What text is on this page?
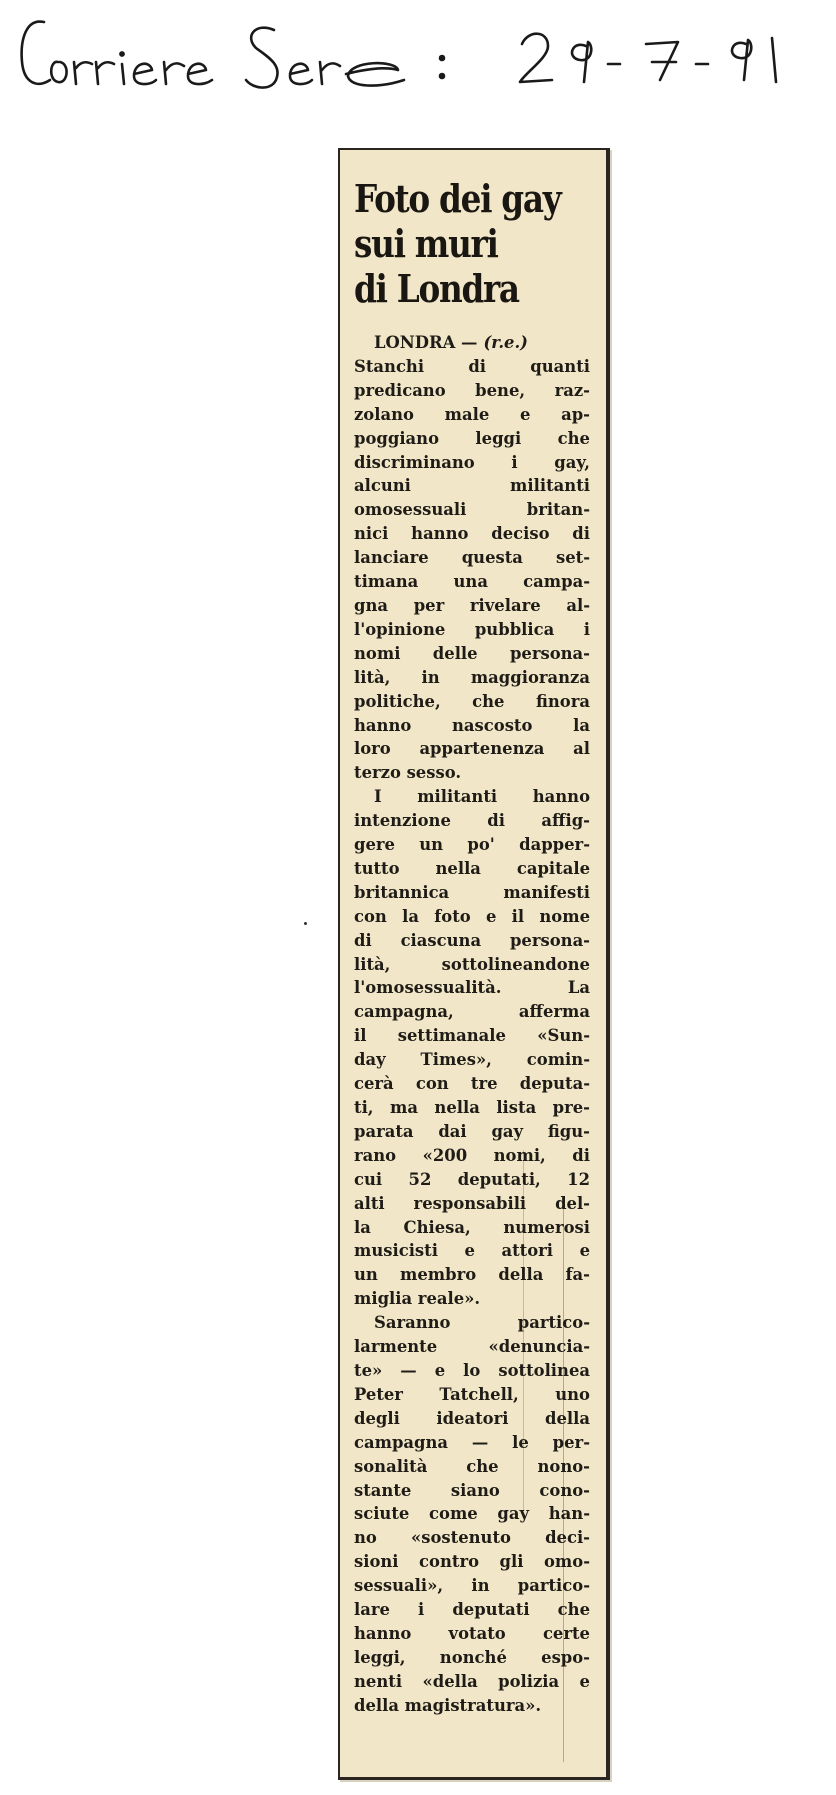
Corriere Sera:	29-7-91
Foto dei gay
sui muri
di Londra

LONDRA — (r.e.)

Stanchi di quanti
predicano bene, raz-
zolano male e ap-
poggiano leggi che
discriminano i gay,
alcuni militanti
omosessuali britan-
nici hanno deciso di
lanciare questa set-
timana una campa-
gna per rivelare al-
l'opinione pubblica i
nomi delle persona-
lità, in maggioranza
politiche, che finora
hanno nascosto la
loro appartenenza al
terzo sesso.

I militanti hanno
intenzione di affig-
gere un po' dapper-
tutto nella capitale
britannica manifesti
con la foto e il nome
di ciascuna persona-
lità, sottolineandone
l'omosessualità. La
campagna, afferma
il settimanale «Sun-
day Times», comin-
cerà con tre deputa-
ti, ma nella lista pre-
parata dai gay figu-
rano «200 nomi, di
cui 52 deputati, 12
alti responsabili del-
la Chiesa, numerosi
musicisti e attori e
un membro della fa-
miglia reale».

Saranno partico-
larmente «denuncia-
te» — e lo sottolinea
Peter Tatchell, uno
degli ideatori della
campagna — le per-
sonalità che nono-
stante siano cono-
sciute come gay han-
no «sostenuto deci-
sioni contro gli omo-
sessuali», in partico-
lare i deputati che
hanno votato certe
leggi, nonché espo-
nenti «della polizia e
della magistratura».
